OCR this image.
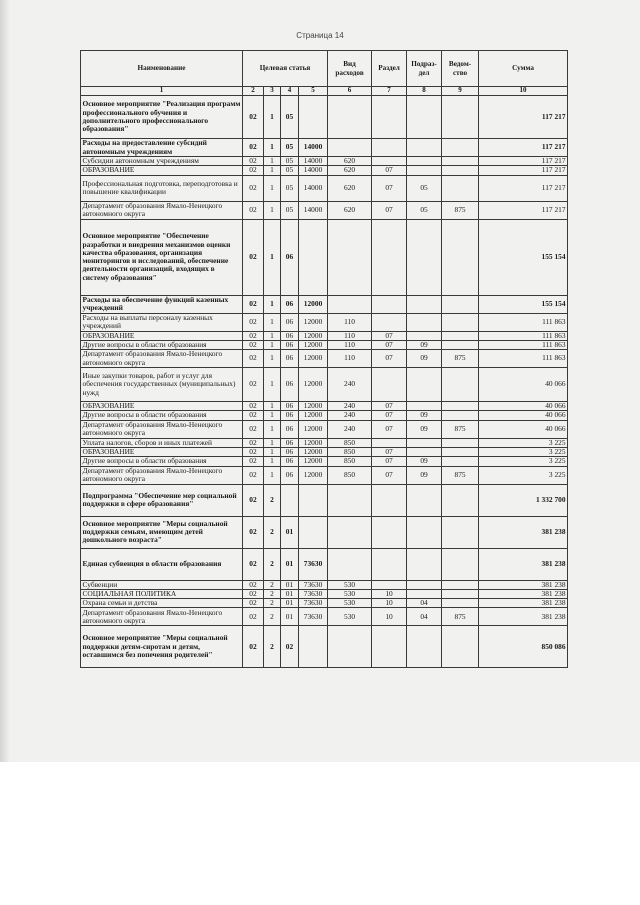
Страница 14
Наименование	Целевая статья				Вид расходов	Раздел	Подраз-дел	Ведом-ство	Сумма
1	2	3	4	5	6	7	8	9	10
Основное мероприятие "Реализация программ профессионального обучения и дополнительного профессионального образования"	02	1	05						117 217
Расходы на предоставление субсидий автономным учреждениям	02	1	05	14000					117 217
Субсидии автономным учреждениям	02	1	05	14000	620				117 217
ОБРАЗОВАНИЕ	02	1	05	14000	620	07			117 217
Профессиональная подготовка, переподготовка и повышение квалификации	02	1	05	14000	620	07	05		117 217
Департамент образования Ямало-Ненецкого автономного округа	02	1	05	14000	620	07	05	875	117 217
Основное мероприятие "Обеспечение разработки и внедрения механизмов оценки качества образования, организация мониторингов и исследований, обеспечение деятельности организаций, входящих в систему образования"	02	1	06						155 154
Расходы на обеспечение функций казенных учреждений	02	1	06	12000					155 154
Расходы на выплаты персоналу казенных учреждений	02	1	06	12000	110				111 863
ОБРАЗОВАНИЕ	02	1	06	12000	110	07			111 863
Другие вопросы в области образования	02	1	06	12000	110	07	09		111 863
Департамент образования Ямало-Ненецкого автономного округа	02	1	06	12000	110	07	09	875	111 863
Иные закупки товаров, работ и услуг для обеспечения государственных (муниципальных) нужд	02	1	06	12000	240				40 066
ОБРАЗОВАНИЕ	02	1	06	12000	240	07			40 066
Другие вопросы в области образования	02	1	06	12000	240	07	09		40 066
Департамент образования Ямало-Ненецкого автономного округа	02	1	06	12000	240	07	09	875	40 066
Уплата налогов, сборов и иных платежей	02	1	06	12000	850				3 225
ОБРАЗОВАНИЕ	02	1	06	12000	850	07			3 225
Другие вопросы в области образования	02	1	06	12000	850	07	09		3 225
Департамент образования Ямало-Ненецкого автономного округа	02	1	06	12000	850	07	09	875	3 225
Подпрограмма "Обеспечение мер социальной поддержки в сфере образования"	02	2							1 332 700
Основное мероприятие "Меры социальной поддержки семьям, имеющим детей дошкольного возраста"	02	2	01						381 238
Единая субвенция в области образования	02	2	01	73630					381 238
Субвенции	02	2	01	73630	530				381 238
СОЦИАЛЬНАЯ ПОЛИТИКА	02	2	01	73630	530	10			381 238
Охрана семьи и детства	02	2	01	73630	530	10	04		381 238
Департамент образования Ямало-Ненецкого автономного округа	02	2	01	73630	530	10	04	875	381 238
Основное мероприятие "Меры социальной поддержки детям-сиротам и детям, оставшимся без попечения родителей"	02	2	02						850 086
